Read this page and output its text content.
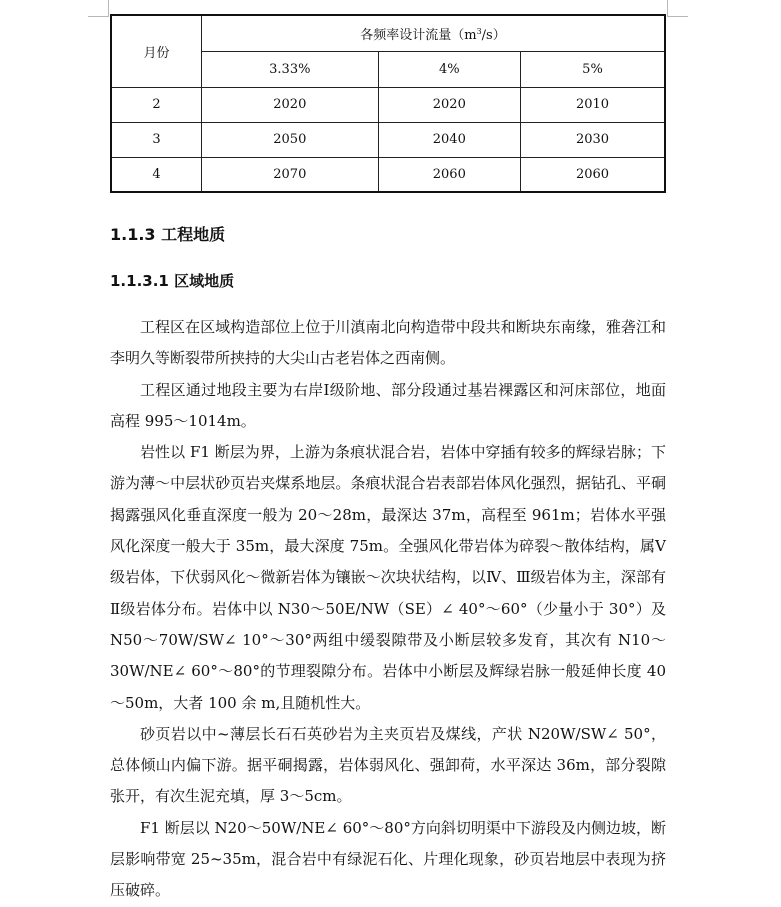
月份	各频率设计流量$(m^3/s)$		
	3.33%	4%	5%
2	2020	2020	2010
3	2050	2040	2030
4	2070	2060	2060
1.1.3 工程地质
1.1.3.1 区域地质

工程区在区域构造部位上位于川滇南北向构造带中段共和断块东南缘，雅砻江和李明久等断裂带所挟持的大尖山古老岩体之西南侧。

工程区通过地段主要为右岸Ⅰ级阶地、部分段通过基岩裸露区和河床部位，地面高程 995～1014m。

岩性以 F1 断层为界，上游为条痕状混合岩，岩体中穿插有较多的辉绿岩脉；下游为薄～中层状砂页岩夹煤系地层。条痕状混合岩表部岩体风化强烈，据钻孔、平硐揭露强风化垂直深度一般为 20～28m，最深达 37m，高程至 961m；岩体水平强风化深度一般大于 35m，最大深度 75m。全强风化带岩体为碎裂～散体结构，属Ⅴ级岩体，下伏弱风化～微新岩体为镶嵌～次块状结构，以Ⅳ、Ⅲ级岩体为主，深部有Ⅱ级岩体分布。岩体中以 N30～50E/NW（SE）∠ 40°～60°（少量小于 30°）及 N50～70W/SW∠ 10°～30°两组中缓裂隙带及小断层较多发育，其次有 N10～30W/NE∠ 60°～80°的节理裂隙分布。岩体中小断层及辉绿岩脉一般延伸长度 40～50m，大者 100 余 m,且随机性大。

砂页岩以中~薄层长石石英砂岩为主夹页岩及煤线，产状 N20W/SW∠ 50°，总体倾山内偏下游。据平硐揭露，岩体弱风化、强卸荷，水平深达 36m，部分裂隙张开，有次生泥充填，厚 3～5cm。

F1 断层以 N20～50W/NE∠ 60°～80°方向斜切明渠中下游段及内侧边坡，断层影响带宽 25~35m，混合岩中有绿泥石化、片理化现象，砂页岩地层中表现为挤压破碎。
